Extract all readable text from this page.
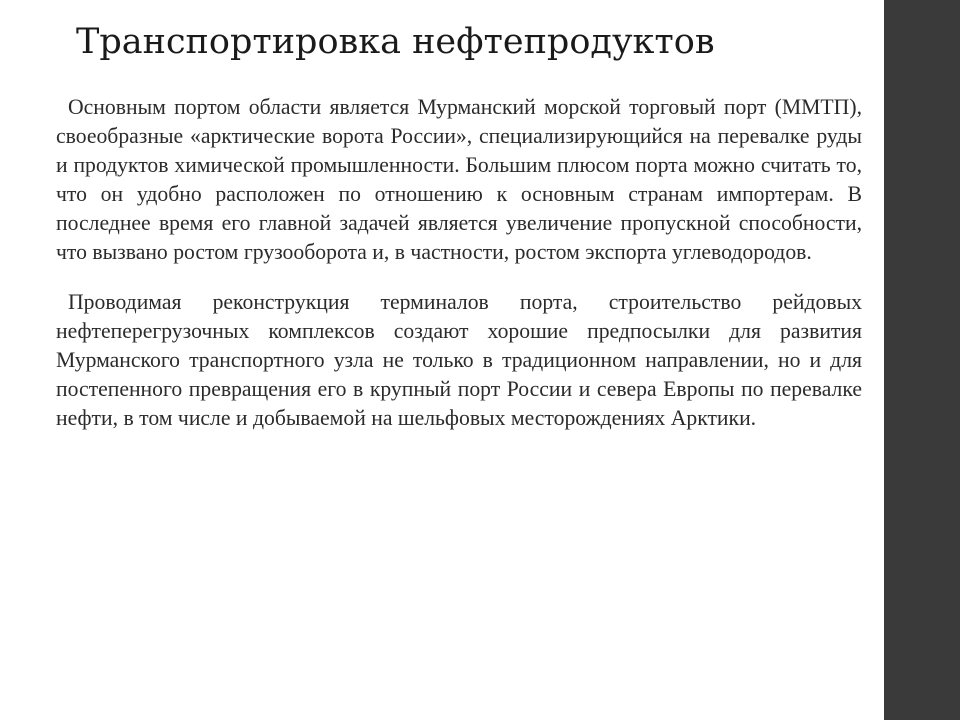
Транспортировка нефтепродуктов

Основным портом области является Мурманский морской торговый порт (ММТП), своеобразные «арктические ворота России», специализирующийся на перевалке руды и продуктов химической промышленности. Большим плюсом порта можно считать то, что он удобно расположен по отношению к основным странам импортерам. В последнее время его главной задачей является увеличение пропускной способности, что вызвано ростом грузооборота и, в частности, ростом экспорта углеводородов.

Проводимая реконструкция терминалов порта, строительство рейдовых нефтеперегрузочных комплексов создают хорошие предпосылки для развития Мурманского транспортного узла не только в традиционном направлении, но и для постепенного превращения его в крупный порт России и севера Европы по перевалке нефти, в том числе и добываемой на шельфовых месторождениях Арктики.
